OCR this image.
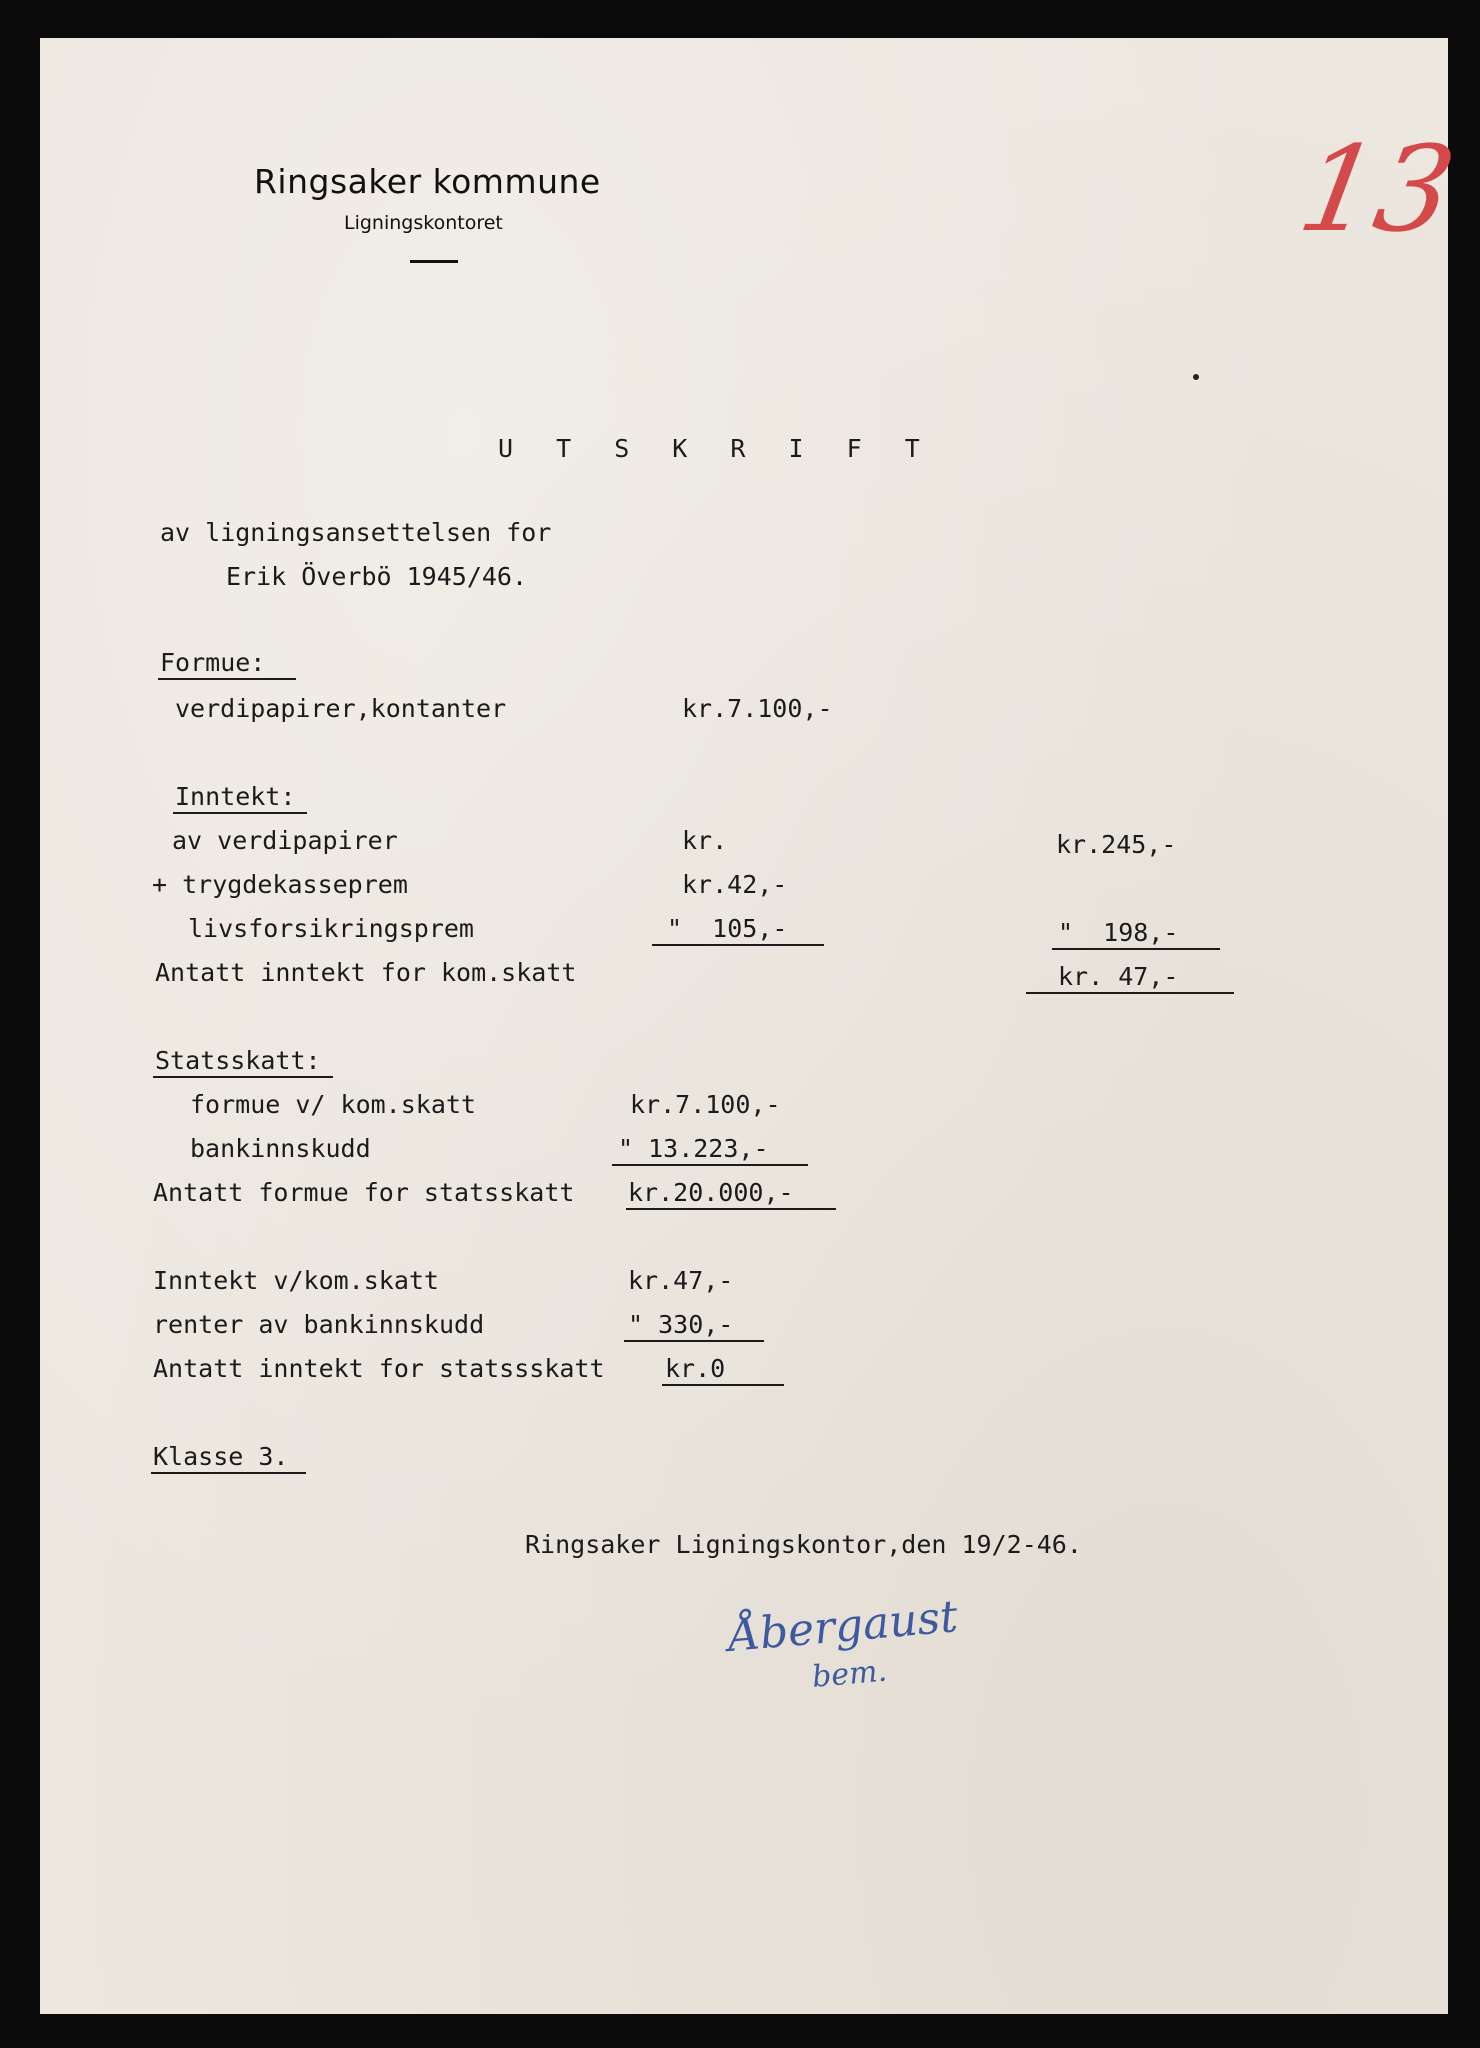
Ringsaker kommune
Ligningskontoret	13
U T S K R I F T
av ligningsansettelsen for
Erik Överbö 1945/46.
Formue:
verdipapirer,kontanter	kr.7.100,-
Inntekt:
av verdipapirer	kr.	kr.245,-
+ trygdekasseprem	kr.42,-
livsforsikringsprem	"  105,-	"  198,-
Antatt inntekt for kom.skatt	kr. 47,-
Statsskatt:
formue v/ kom.skatt	kr.7.100,-
bankinnskudd	" 13.223,-
Antatt formue for statsskatt kr.20.000,-
Inntekt v/kom.skatt	kr.47,-
renter av bankinnskudd	" 330,-
Antatt inntekt for statssskatt kr.0
Klasse 3.
Ringsaker Ligningskontor,den 19/2-46.
Åbergaust
bem.
